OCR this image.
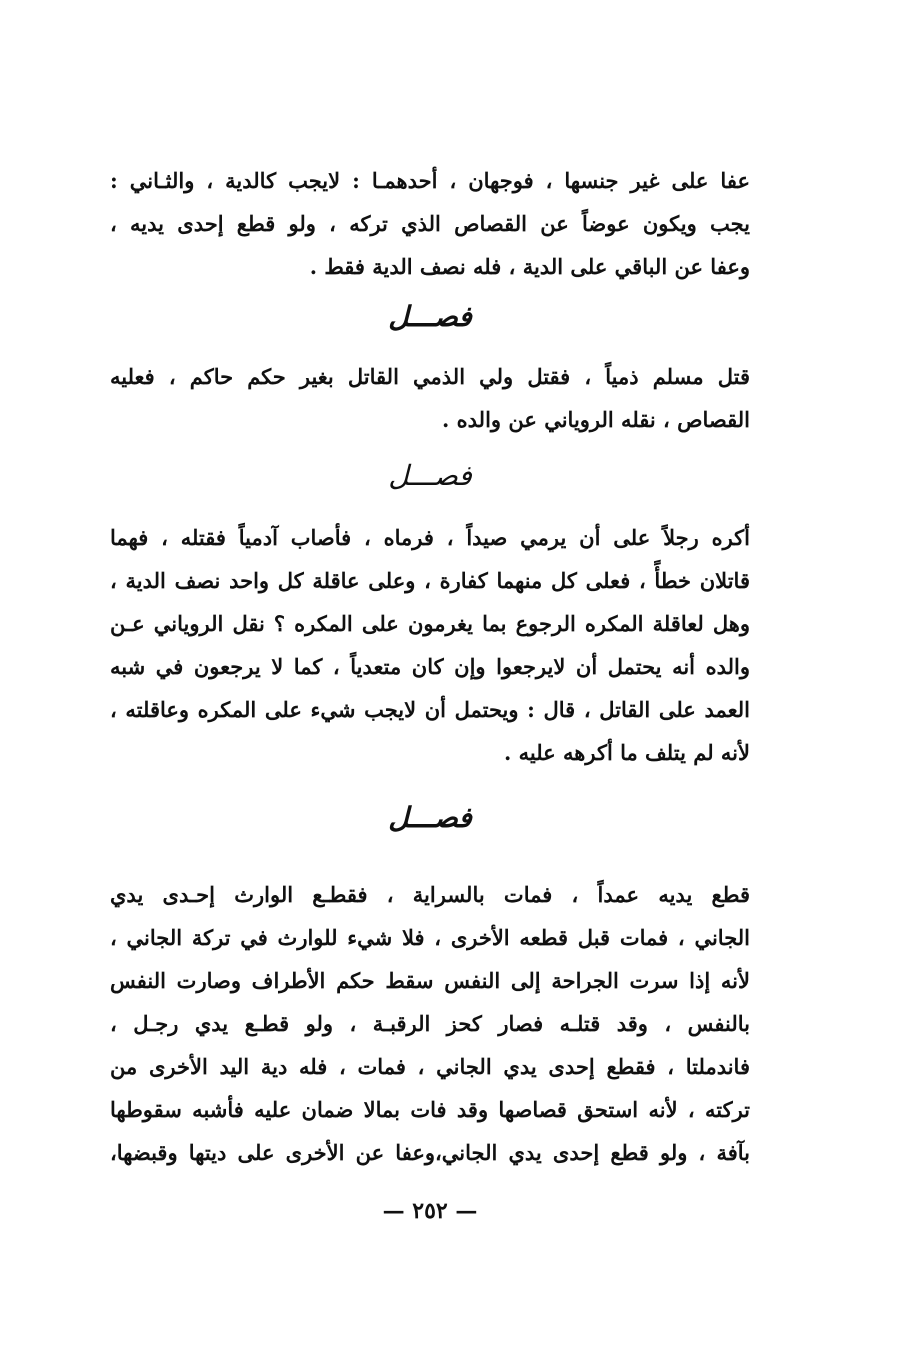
عفا على غير جنسها ، فوجهان ، أحدهمـا : لايجب كالدية ، والثـاني :
يجب ويكون عوضاً عن القصاص الذي تركه ، ولو قطع إحدى يديه ،
وعفا عن الباقي على الدية ، فله نصف الدية فقط .
فصـــل
قتل مسلم ذمياً ، فقتل ولي الذمي القاتل بغير حكم حاكم ، فعليه
القصاص ، نقله الروياني عن والده .
فصـــل
أكره رجلاً على أن يرمي صيداً ، فرماه ، فأصاب آدمياً فقتله ، فهما
قاتلان خطأً ، فعلى كل منهما كفارة ، وعلى عاقلة كل واحد نصف الدية ،
وهل لعاقلة المكره الرجوع بما يغرمون على المكره ؟ نقل الروياني عـن
والده أنه يحتمل أن لايرجعوا وإن كان متعدياً ، كما لا يرجعون في شبه
العمد على القاتل ، قال : ويحتمل أن لايجب شيء على المكره وعاقلته ،
لأنه لم يتلف ما أكرهه عليه .
فصـــل
قطع يديه عمداً ، فمات بالسراية ، فقطـع الوارث إحـدى يدي
الجاني ، فمات قبل قطعه الأخرى ، فلا شيء للوارث في تركة الجاني ،
لأنه إذا سرت الجراحة إلى النفس سقط حكم الأطراف وصارت النفس
بالنفس ، وقد قتلـه فصار كحز الرقبـة ، ولو قطـع يدي رجـل ،
فاندملتا ، فقطع إحدى يدي الجاني ، فمات ، فله دية اليد الأخرى من
تركته ، لأنه استحق قصاصها وقد فات بمالا ضمان عليه فأشبه سقوطها
بآفة ، ولو قطع إحدى يدي الجاني،وعفا عن الأخرى على ديتها وقبضها،
— ٢٥٢ —
